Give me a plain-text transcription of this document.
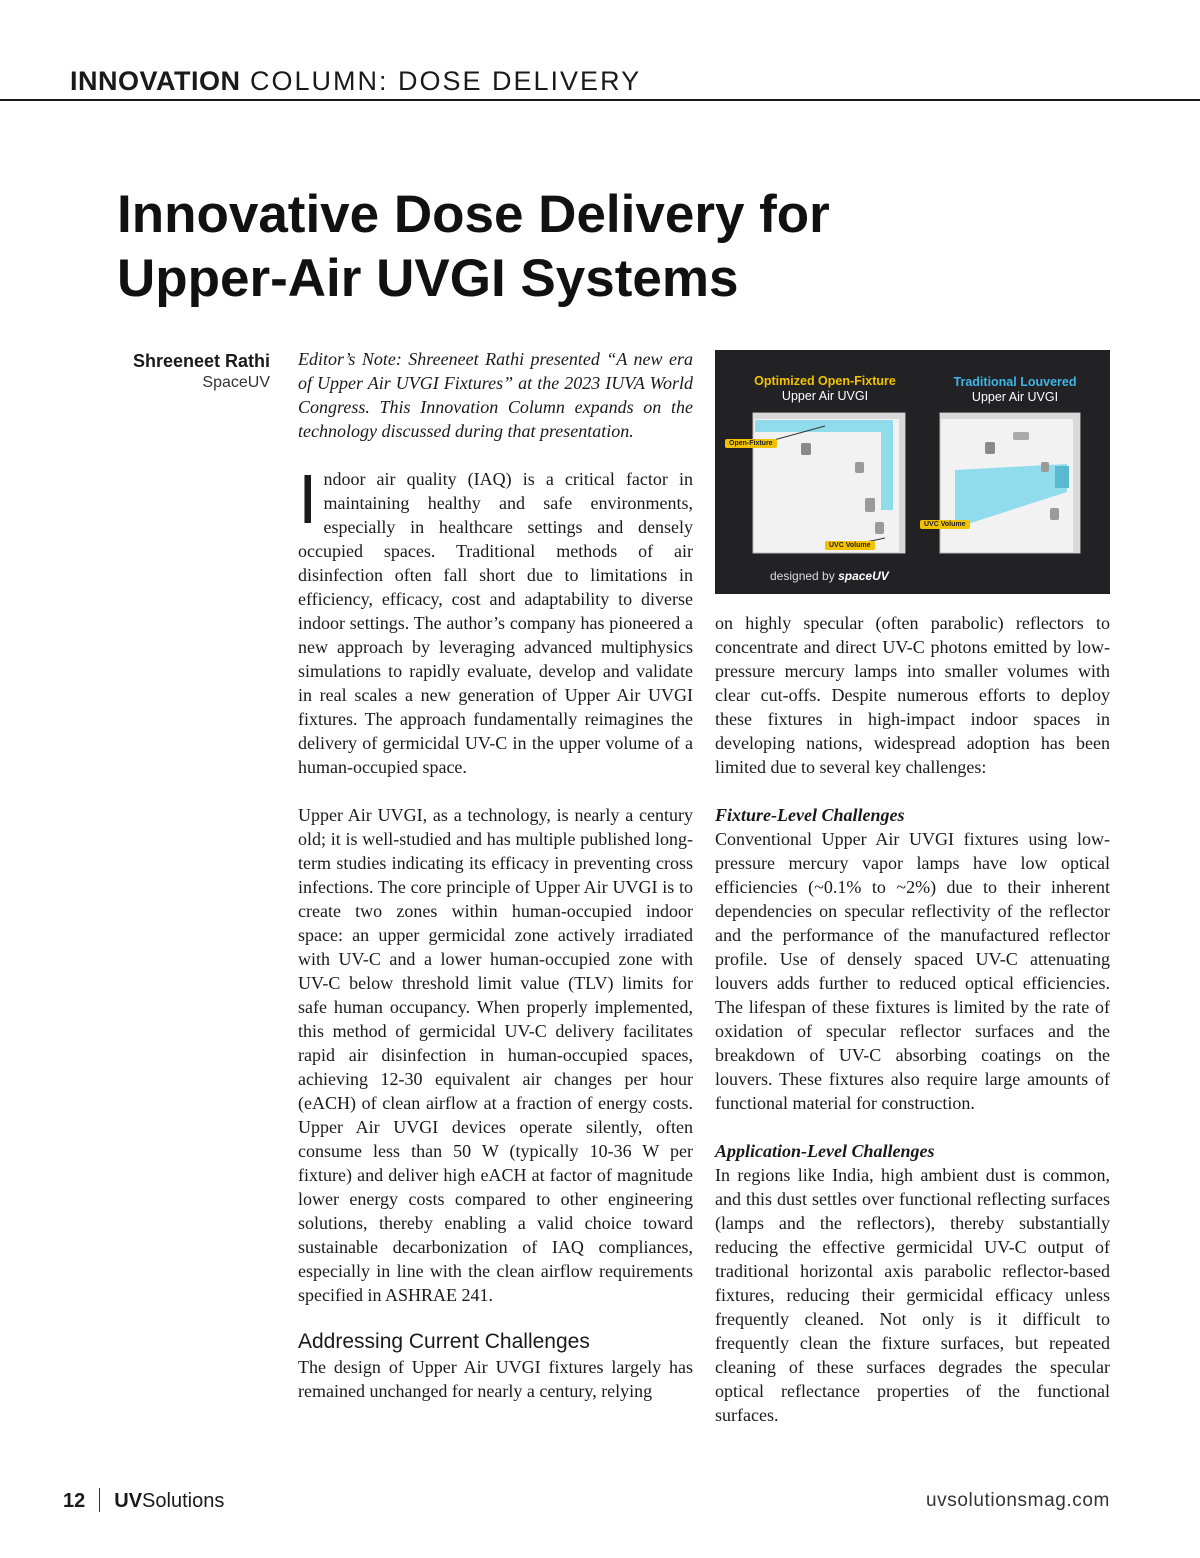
INNOVATION COLUMN: DOSE DELIVERY
Innovative Dose Delivery for
Upper-Air UVGI Systems
Shreeneet Rathi
SpaceUV

Editor’s Note: Shreeneet Rathi presented “A new era of Upper Air UVGI Fixtures” at the 2023 IUVA World Congress. This Innovation Column expands on the technology discussed during that presentation.

Indoor air quality (IAQ) is a critical factor in maintaining healthy and safe environments, especially in healthcare settings and densely occupied spaces. Traditional methods of air disinfection often fall short due to limitations in efficiency, efficacy, cost and adaptability to diverse indoor settings. The author’s company has pioneered a new approach by leveraging advanced multiphysics simulations to rapidly evaluate, develop and validate in real scales a new generation of Upper Air UVGI fixtures. The approach fundamentally reimagines the delivery of germicidal UV-C in the upper volume of a human-occupied space.

Upper Air UVGI, as a technology, is nearly a century old; it is well-studied and has multiple published long-term studies indicating its efficacy in preventing cross infections. The core principle of Upper Air UVGI is to create two zones within human-occupied indoor space: an upper germicidal zone actively irradiated with UV-C and a lower human-occupied zone with UV-C below threshold limit value (TLV) limits for safe human occupancy. When properly implemented, this method of germicidal UV-C delivery facilitates rapid air disinfection in human-occupied spaces, achieving 12-30 equivalent air changes per hour (eACH) of clean airflow at a fraction of energy costs. Upper Air UVGI devices operate silently, often consume less than 50 W (typically 10-36 W per fixture) and deliver high eACH at factor of magnitude lower energy costs compared to other engineering solutions, thereby enabling a valid choice toward sustainable decarbonization of IAQ compliances, especially in line with the clean airflow requirements specified in ASHRAE 241.

Addressing Current Challenges

The design of Upper Air UVGI fixtures largely has remained unchanged for nearly a century, relying

Optimized Open-Fixture
Upper Air UVGI
Traditional Louvered
Upper Air UVGI
Open-Fixture
UVC Volume
UVC Volume
designed by spaceUV

on highly specular (often parabolic) reflectors to concentrate and direct UV-C photons emitted by low-pressure mercury lamps into smaller volumes with clear cut-offs. Despite numerous efforts to deploy these fixtures in high-impact indoor spaces in developing nations, widespread adoption has been limited due to several key challenges:

Fixture-Level Challenges

Conventional Upper Air UVGI fixtures using low-pressure mercury vapor lamps have low optical efficiencies (~0.1% to ~2%) due to their inherent dependencies on specular reflectivity of the reflector and the performance of the manufactured reflector profile. Use of densely spaced UV-C attenuating louvers adds further to reduced optical efficiencies. The lifespan of these fixtures is limited by the rate of oxidation of specular reflector surfaces and the breakdown of UV-C absorbing coatings on the louvers. These fixtures also require large amounts of functional material for construction.

Application-Level Challenges

In regions like India, high ambient dust is common, and this dust settles over functional reflecting surfaces (lamps and the reflectors), thereby substantially reducing the effective germicidal UV-C output of traditional horizontal axis parabolic reflector-based fixtures, reducing their germicidal efficacy unless frequently cleaned. Not only is it difficult to frequently clean the fixture surfaces, but repeated cleaning of these surfaces degrades the specular optical reflectance properties of the functional surfaces.

12 UVSolutions	uvsolutionsmag.com
